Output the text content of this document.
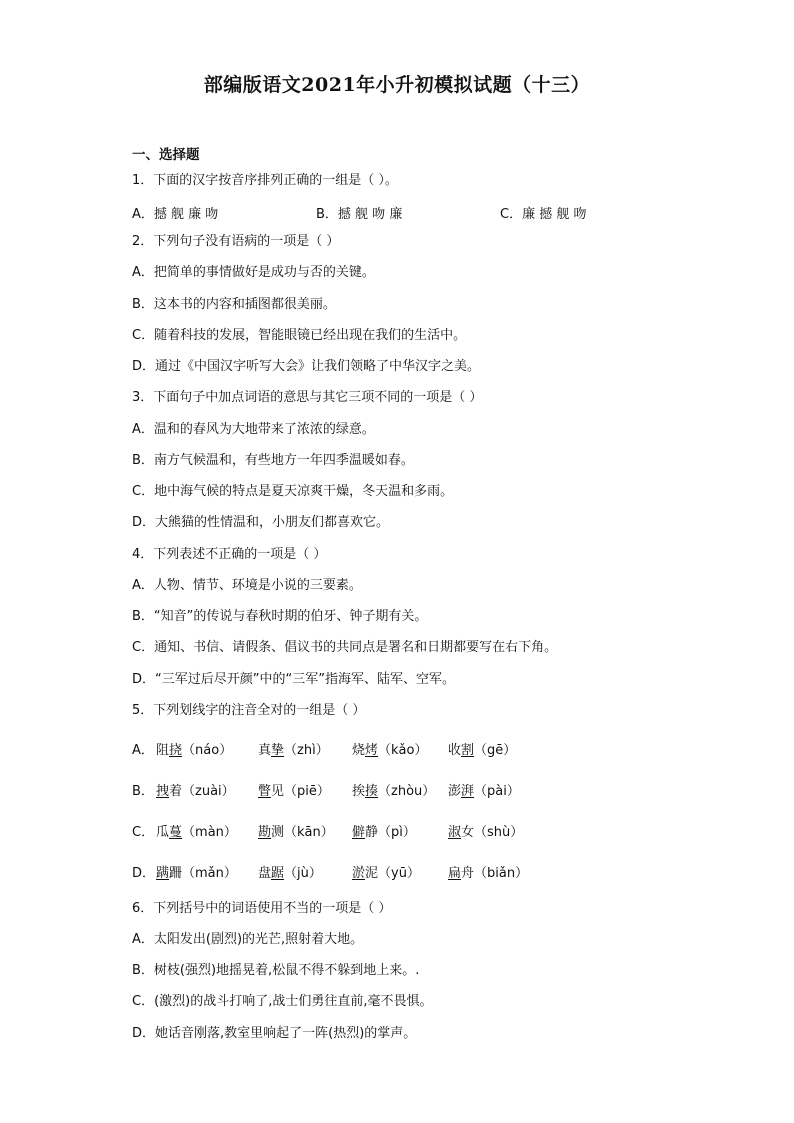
部编版语文2021年小升初模拟试题（十三）
一、选择题
1．下面的汉字按音序排列正确的一组是（ ）。
A．撼 舰 廉 吻	B．撼 舰 吻 廉	C．廉 撼 舰 吻
2．下列句子没有语病的一项是（ ）
A．把简单的事情做好是成功与否的关键。
B．这本书的内容和插图都很美丽。
C．随着科技的发展，智能眼镜已经出现在我们的生活中。
D．通过《中国汉字听写大会》让我们领略了中华汉字之美。
3．下面句子中加点词语的意思与其它三项不同的一项是（ ）
A．温和的春风为大地带来了浓浓的绿意。
B．南方气候温和，有些地方一年四季温暖如春。
C．地中海气候的特点是夏天凉爽干燥，冬天温和多雨。
D．大熊猫的性情温和，小朋友们都喜欢它。
4．下列表述不正确的一项是（ ）
A．人物、情节、环境是小说的三要素。
B．“知音”的传说与春秋时期的伯牙、钟子期有关。
C．通知、书信、请假条、倡议书的共同点是署名和日期都要写在右下角。
D．“三军过后尽开颜”中的“三军”指海军、陆军、空军。
5．下列划线字的注音全对的一组是（ ）
A． 阻挠（náo） 真挚（zhì） 烧烤（kǎo） 收割（gē）
B． 拽着（zuài） 瞥见（piē） 挨揍（zhòu） 澎湃（pài）
C． 瓜蔓（màn） 勘测（kān） 僻静（pì） 淑女（shù）
D． 蹒跚（mǎn） 盘踞（jù） 淤泥（yū） 扁舟（biǎn）
6．下列括号中的词语使用不当的一项是（ ）
A．太阳发出(剧烈)的光芒,照射着大地。
B．树枝(强烈)地摇晃着,松鼠不得不躲到地上来。.
C．(激烈)的战斗打响了,战士们勇往直前,毫不畏惧。
D．她话音刚落,教室里响起了一阵(热烈)的掌声。
